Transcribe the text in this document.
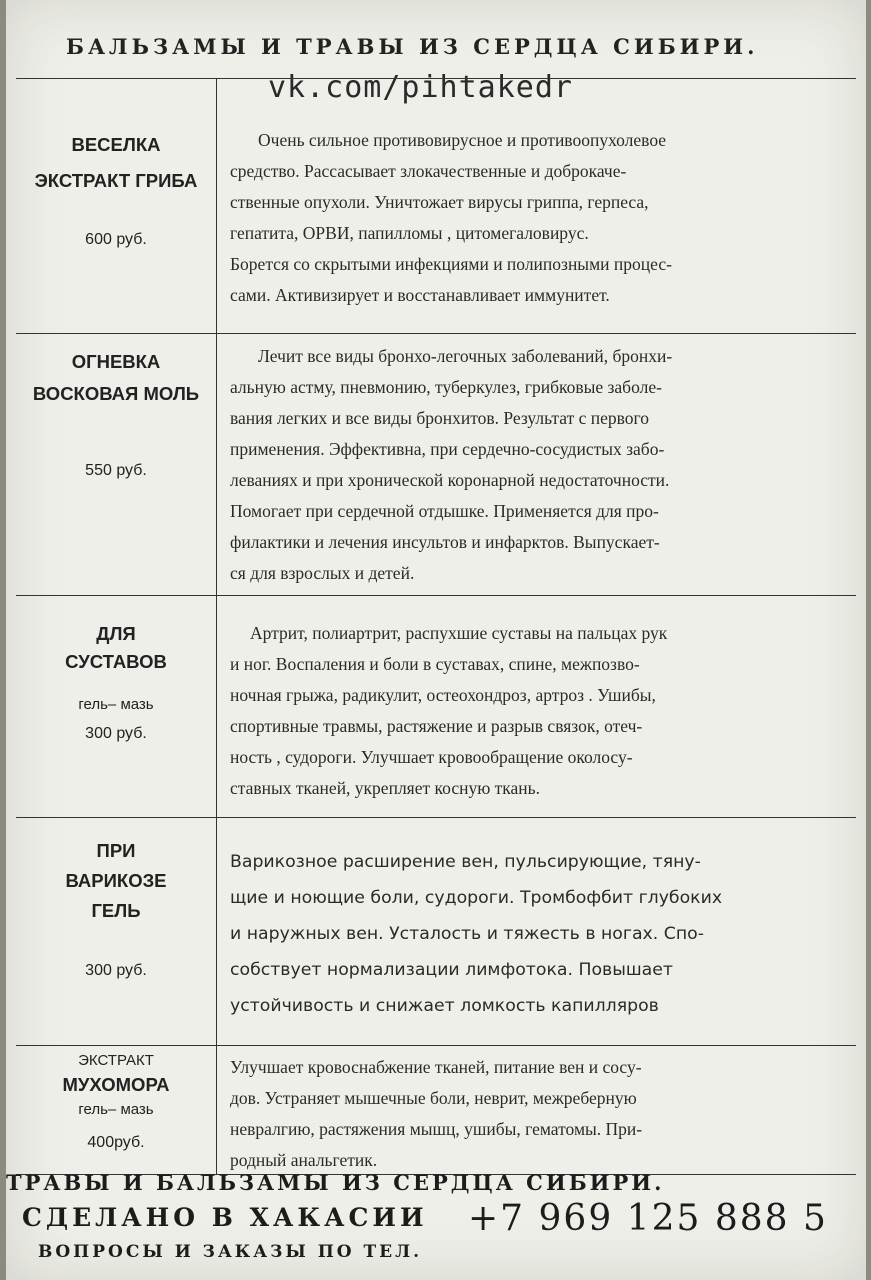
БАЛЬЗАМЫ И ТРАВЫ ИЗ СЕРДЦА СИБИРИ.
vk.com/pihtakedr
ВЕСЕЛКА
ЭКСТРАКТ ГРИБА
600 руб.
Очень сильное противовирусное и противоопухолевое
средство. Рассасывает злокачественные и доброкаче-
ственные опухоли. Уничтожает вирусы гриппа, герпеса,
гепатита, ОРВИ, папилломы , цитомегаловирус.
Борется со скрытыми инфекциями и полипозными процес-
сами. Активизирует и восстанавливает иммунитет.
ОГНЕВКА
ВОСКОВАЯ МОЛЬ
550 руб.
Лечит все виды бронхо-легочных заболеваний, бронхи-
альную астму, пневмонию, туберкулез, грибковые заболе-
вания легких и все виды бронхитов. Результат с первого
применения. Эффективна, при сердечно-сосудистых забо-
леваниях и при хронической коронарной недостаточности.
Помогает при сердечной отдышке. Применяется для про-
филактики и лечения инсультов и инфарктов. Выпускает-
ся для взрослых и детей.
ДЛЯ
СУСТАВОВ
гель– мазь
300 руб.
Артрит, полиартрит, распухшие суставы на пальцах рук
и ног. Воспаления и боли в суставах, спине, межпозво-
ночная грыжа, радикулит, остеохондроз, артроз . Ушибы,
спортивные травмы, растяжение и разрыв связок, отеч-
ность , судороги. Улучшает кровообращение околосу-
ставных тканей, укрепляет косную ткань.
ПРИ
ВАРИКОЗЕ
ГЕЛЬ
300 руб.
Варикозное расширение вен, пульсирующие, тяну-
щие и ноющие боли, судороги. Тромбофбит глубоких
и наружных вен. Усталость и тяжесть в ногах. Спо-
собствует нормализации лимфотока. Повышает
устойчивость и снижает ломкость капилляров
ЭКСТРАКТ
МУХОМОРА
гель– мазь
400руб.
Улучшает кровоснабжение тканей, питание вен и сосу-
дов. Устраняет мышечные боли, неврит, межреберную
невралгию, растяжения мышц, ушибы, гематомы. При-
родный анальгетик.
ТРАВЫ И БАЛЬЗАМЫ ИЗ СЕРДЦА СИБИРИ.
СДЕЛАНО В ХАКАСИИ +7 969 125 888 5
ВОПРОСЫ И ЗАКАЗЫ ПО ТЕЛ.
